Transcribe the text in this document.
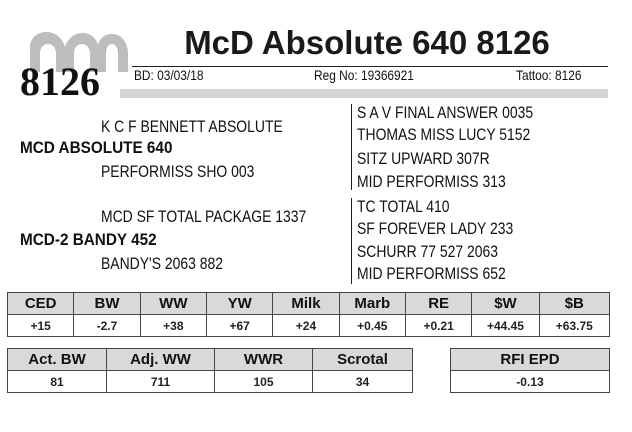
8126
McD Absolute 640 8126
BD: 03/03/18	Reg No: 19366921	Tattoo: 8126
K C F BENNETT ABSOLUTE
MCD ABSOLUTE 640
PERFORMISS SHO 003
MCD SF TOTAL PACKAGE 1337
MCD-2 BANDY 452
BANDY'S 2063 882
S A V FINAL ANSWER 0035
THOMAS MISS LUCY 5152
SITZ UPWARD 307R
MID PERFORMISS 313
TC TOTAL 410
SF FOREVER LADY 233
SCHURR 77 527 2063
MID PERFORMISS 652
CED	BW	WW	YW	Milk	Marb	RE	$W	$B
+15	-2.7	+38	+67	+24	+0.45	+0.21	+44.45	+63.75
Act. BW	Adj. WW	WWR	Scrotal
81	711	105	34
RFI EPD
-0.13
